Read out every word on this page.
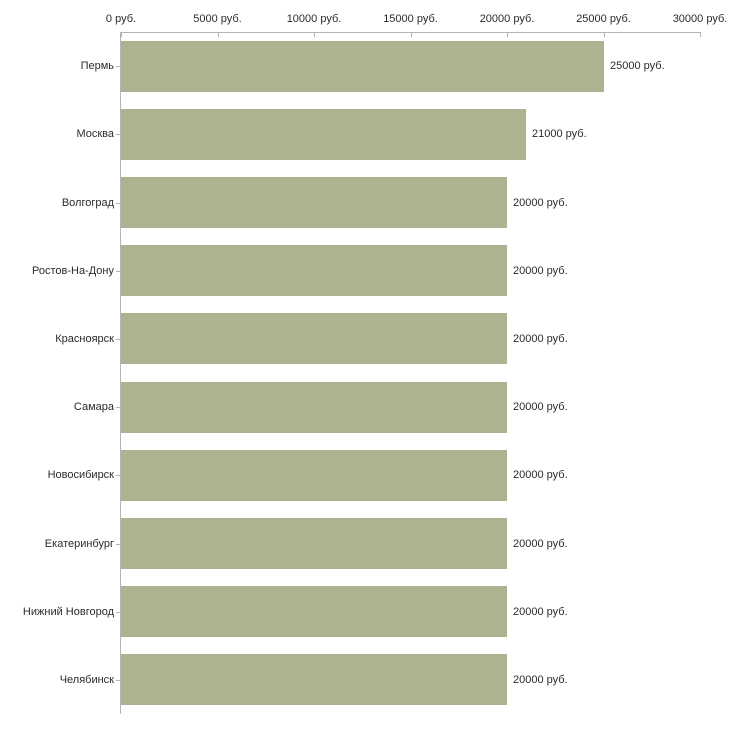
0 руб.	5000 руб.	10000 руб.	15000 руб.	20000 руб.	25000 руб.	30000 руб.
Пермь
Москва
Волгоград
Ростов-На-Дону
Красноярск
Самара
Новосибирск
Екатеринбург
Нижний Новгород
Челябинск
25000 руб.
21000 руб.
20000 руб.
20000 руб.
20000 руб.
20000 руб.
20000 руб.
20000 руб.
20000 руб.
20000 руб.
